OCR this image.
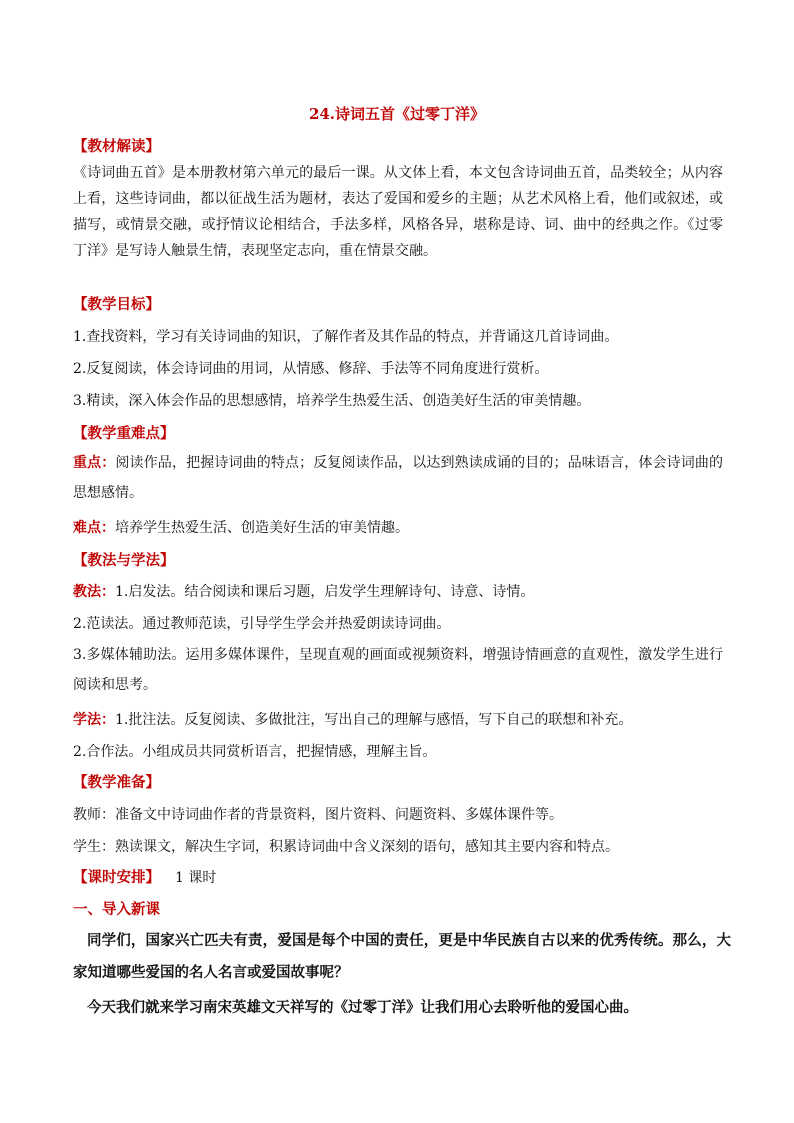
24.诗词五首《过零丁洋》
【教材解读】
《诗词曲五首》是本册教材第六单元的最后一课。从文体上看，本文包含诗词曲五首，品类较全；从内容上看，这些诗词曲，都以征战生活为题材，表达了爱国和爱乡的主题；从艺术风格上看，他们或叙述，或描写，或情景交融，或抒情议论相结合，手法多样，风格各异，堪称是诗、词、曲中的经典之作。《过零丁洋》是写诗人触景生情，表现坚定志向，重在情景交融。
【教学目标】
1.查找资料，学习有关诗词曲的知识，了解作者及其作品的特点，并背诵这几首诗词曲。
2.反复阅读，体会诗词曲的用词，从情感、修辞、手法等不同角度进行赏析。
3.精读，深入体会作品的思想感情，培养学生热爱生活、创造美好生活的审美情趣。
【教学重难点】
重点：阅读作品，把握诗词曲的特点；反复阅读作品，以达到熟读成诵的目的；品味语言，体会诗词曲的思想感情。
难点：培养学生热爱生活、创造美好生活的审美情趣。
【教法与学法】
教法：1.启发法。结合阅读和课后习题，启发学生理解诗句、诗意、诗情。
2.范读法。通过教师范读，引导学生学会并热爱朗读诗词曲。
3.多媒体辅助法。运用多媒体课件，呈现直观的画面或视频资料，增强诗情画意的直观性，激发学生进行阅读和思考。
学法：1.批注法。反复阅读、多做批注，写出自己的理解与感悟，写下自己的联想和补充。
2.合作法。小组成员共同赏析语言，把握情感，理解主旨。
【教学准备】
教师：准备文中诗词曲作者的背景资料，图片资料、问题资料、多媒体课件等。
学生：熟读课文，解决生字词，积累诗词曲中含义深刻的语句，感知其主要内容和特点。
【课时安排】 1 课时
一、导入新课
同学们，国家兴亡匹夫有责，爱国是每个中国的责任，更是中华民族自古以来的优秀传统。那么，大家知道哪些爱国的名人名言或爱国故事呢？
今天我们就来学习南宋英雄文天祥写的《过零丁洋》让我们用心去聆听他的爱国心曲。
